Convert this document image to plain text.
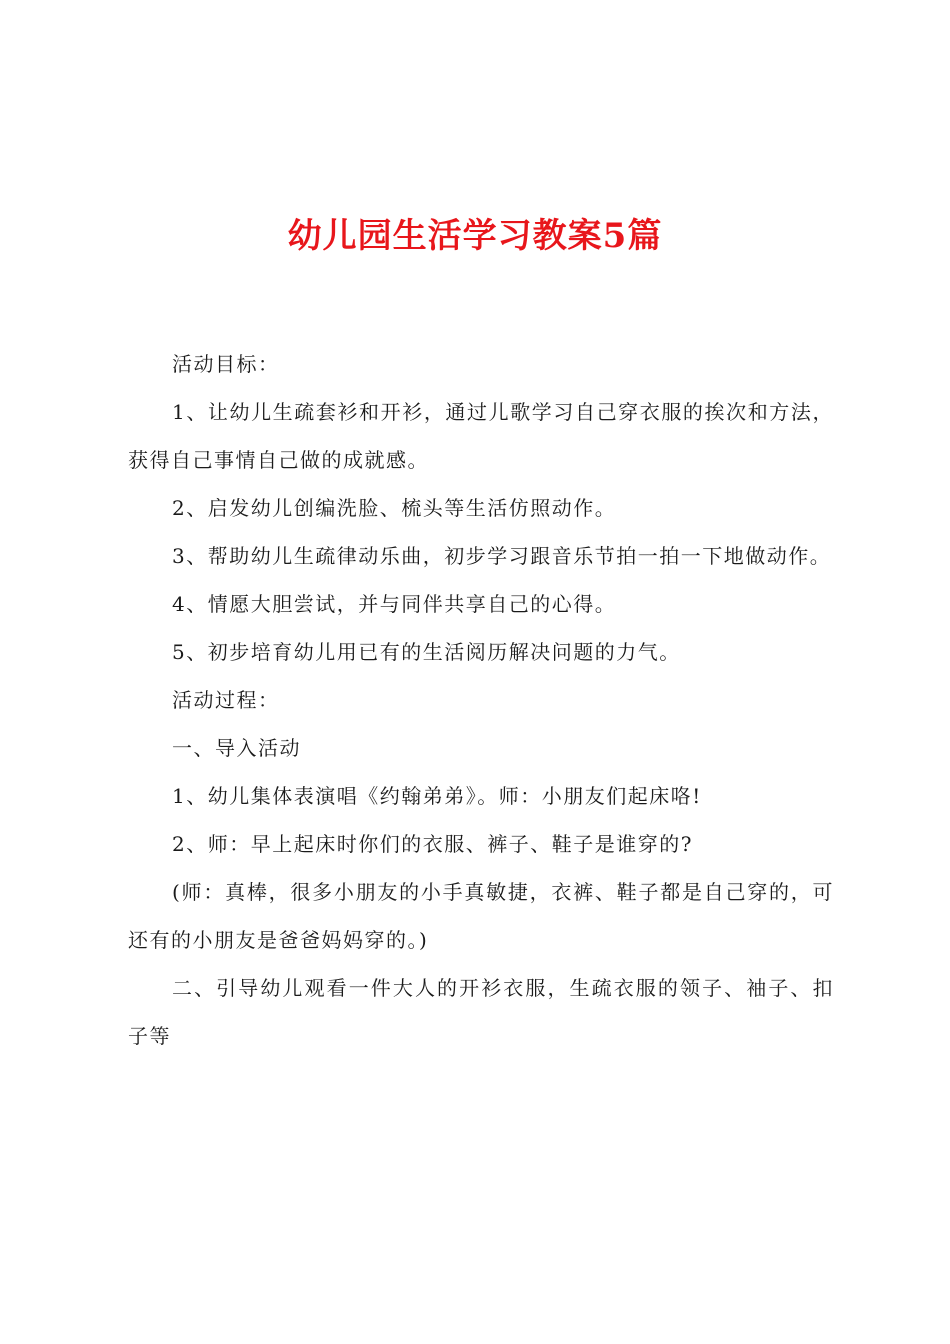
幼儿园生活学习教案5篇

活动目标：

1、让幼儿生疏套衫和开衫，通过儿歌学习自己穿衣服的挨次和方法，获得自己事情自己做的成就感。

2、启发幼儿创编洗脸、梳头等生活仿照动作。

3、帮助幼儿生疏律动乐曲，初步学习跟音乐节拍一拍一下地做动作。

4、情愿大胆尝试，并与同伴共享自己的心得。

5、初步培育幼儿用已有的生活阅历解决问题的力气。

活动过程：

一、导入活动

1、幼儿集体表演唱《约翰弟弟》。师：小朋友们起床咯!

2、师：早上起床时你们的衣服、裤子、鞋子是谁穿的?

(师：真棒，很多小朋友的小手真敏捷，衣裤、鞋子都是自己穿的，可还有的小朋友是爸爸妈妈穿的。)

二、引导幼儿观看一件大人的开衫衣服，生疏衣服的领子、袖子、扣子等
